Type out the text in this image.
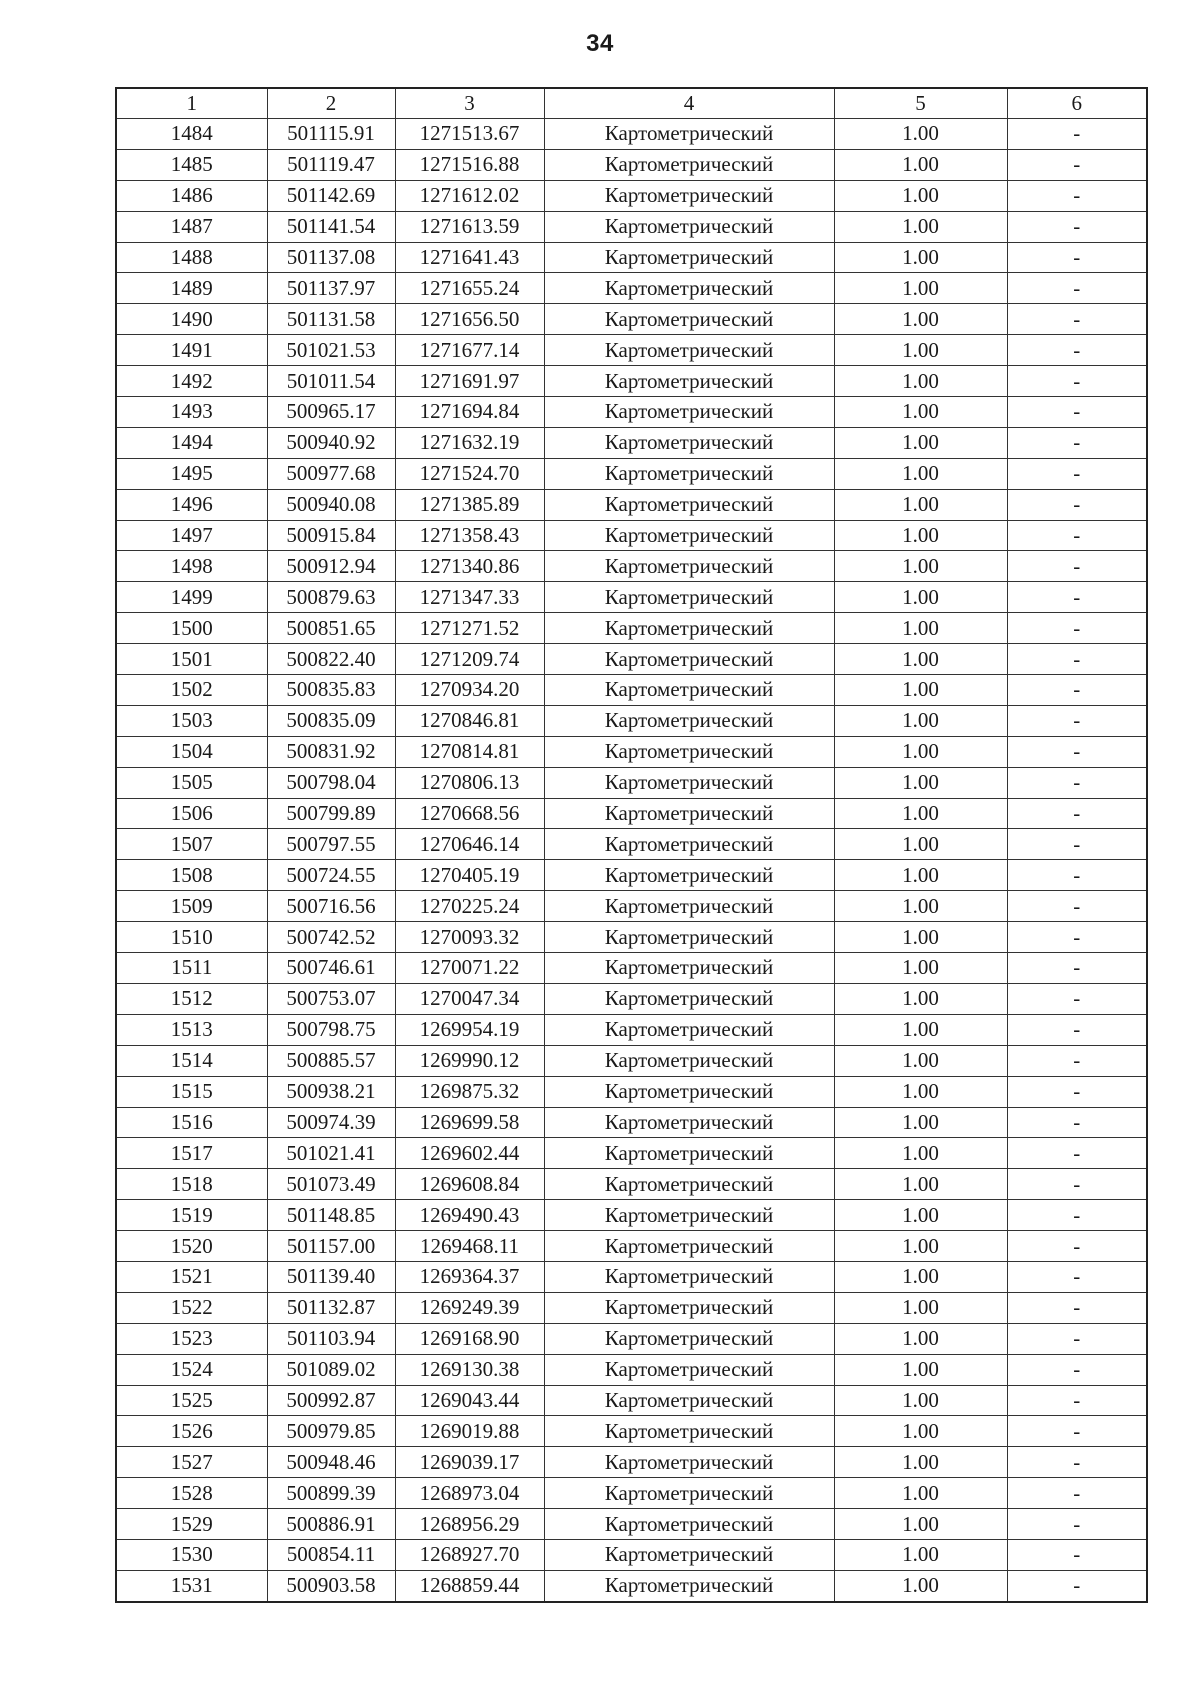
34
1	2	3	4	5	6
1484	501115.91	1271513.67	Картометрический	1.00	-
1485	501119.47	1271516.88	Картометрический	1.00	-
1486	501142.69	1271612.02	Картометрический	1.00	-
1487	501141.54	1271613.59	Картометрический	1.00	-
1488	501137.08	1271641.43	Картометрический	1.00	-
1489	501137.97	1271655.24	Картометрический	1.00	-
1490	501131.58	1271656.50	Картометрический	1.00	-
1491	501021.53	1271677.14	Картометрический	1.00	-
1492	501011.54	1271691.97	Картометрический	1.00	-
1493	500965.17	1271694.84	Картометрический	1.00	-
1494	500940.92	1271632.19	Картометрический	1.00	-
1495	500977.68	1271524.70	Картометрический	1.00	-
1496	500940.08	1271385.89	Картометрический	1.00	-
1497	500915.84	1271358.43	Картометрический	1.00	-
1498	500912.94	1271340.86	Картометрический	1.00	-
1499	500879.63	1271347.33	Картометрический	1.00	-
1500	500851.65	1271271.52	Картометрический	1.00	-
1501	500822.40	1271209.74	Картометрический	1.00	-
1502	500835.83	1270934.20	Картометрический	1.00	-
1503	500835.09	1270846.81	Картометрический	1.00	-
1504	500831.92	1270814.81	Картометрический	1.00	-
1505	500798.04	1270806.13	Картометрический	1.00	-
1506	500799.89	1270668.56	Картометрический	1.00	-
1507	500797.55	1270646.14	Картометрический	1.00	-
1508	500724.55	1270405.19	Картометрический	1.00	-
1509	500716.56	1270225.24	Картометрический	1.00	-
1510	500742.52	1270093.32	Картометрический	1.00	-
1511	500746.61	1270071.22	Картометрический	1.00	-
1512	500753.07	1270047.34	Картометрический	1.00	-
1513	500798.75	1269954.19	Картометрический	1.00	-
1514	500885.57	1269990.12	Картометрический	1.00	-
1515	500938.21	1269875.32	Картометрический	1.00	-
1516	500974.39	1269699.58	Картометрический	1.00	-
1517	501021.41	1269602.44	Картометрический	1.00	-
1518	501073.49	1269608.84	Картометрический	1.00	-
1519	501148.85	1269490.43	Картометрический	1.00	-
1520	501157.00	1269468.11	Картометрический	1.00	-
1521	501139.40	1269364.37	Картометрический	1.00	-
1522	501132.87	1269249.39	Картометрический	1.00	-
1523	501103.94	1269168.90	Картометрический	1.00	-
1524	501089.02	1269130.38	Картометрический	1.00	-
1525	500992.87	1269043.44	Картометрический	1.00	-
1526	500979.85	1269019.88	Картометрический	1.00	-
1527	500948.46	1269039.17	Картометрический	1.00	-
1528	500899.39	1268973.04	Картометрический	1.00	-
1529	500886.91	1268956.29	Картометрический	1.00	-
1530	500854.11	1268927.70	Картометрический	1.00	-
1531	500903.58	1268859.44	Картометрический	1.00	-
